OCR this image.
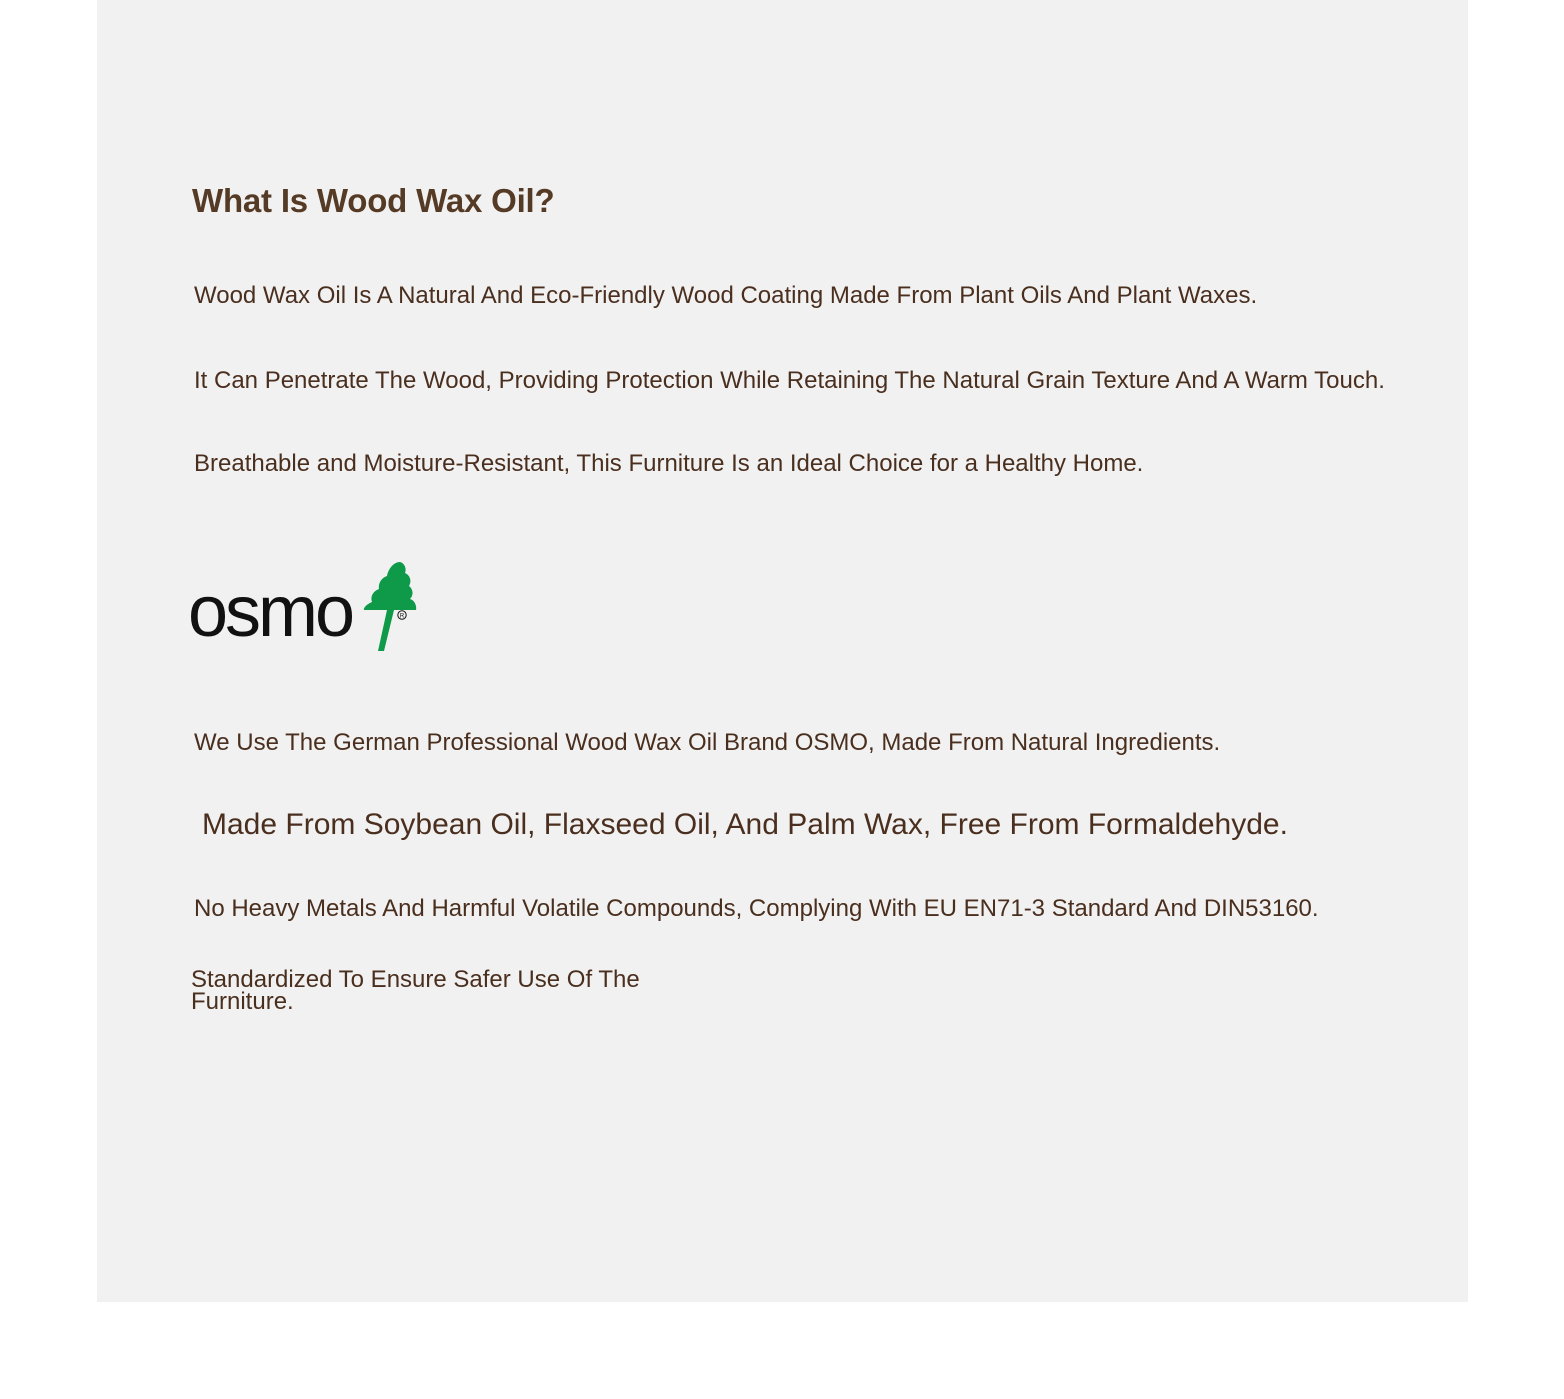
What Is Wood Wax Oil?

Wood Wax Oil Is A Natural And Eco-Friendly Wood Coating Made From Plant Oils And Plant Waxes.

It Can Penetrate The Wood, Providing Protection While Retaining The Natural Grain Texture And A Warm Touch.

Breathable and Moisture-Resistant, This Furniture Is an Ideal Choice for a Healthy Home.

osmo	R

We Use The German Professional Wood Wax Oil Brand OSMO, Made From Natural Ingredients.

Made From Soybean Oil, Flaxseed Oil, And Palm Wax, Free From Formaldehyde.

No Heavy Metals And Harmful Volatile Compounds, Complying With EU EN71-3 Standard And DIN53160.

Standardized To Ensure Safer Use Of The Furniture.
